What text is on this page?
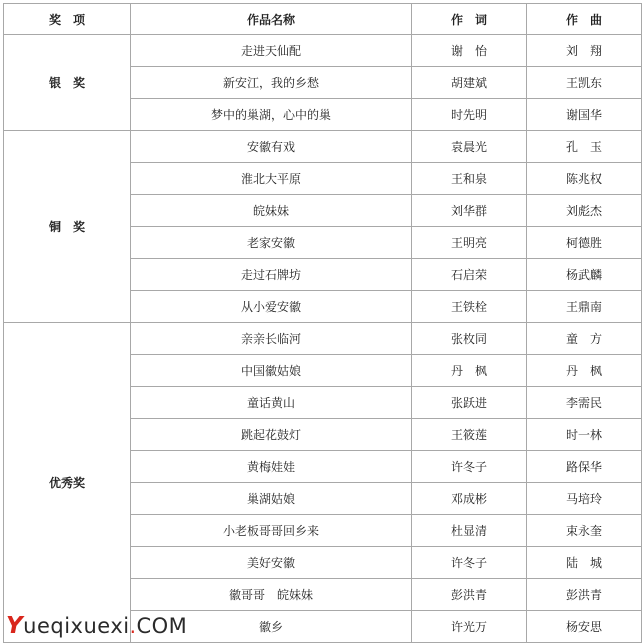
奖　项	作品名称	作　词	作　曲
银　奖	走进天仙配	谢　怡	刘　翔
	新安江，我的乡愁	胡建斌	王凯东
	梦中的巢湖，心中的巢	时先明	谢国华
铜　奖	安徽有戏	袁晨光	孔　玉
	淮北大平原	王和泉	陈兆权
	皖妹妹	刘华群	刘彪杰
	老家安徽	王明亮	柯德胜
	走过石牌坊	石启荣	杨武麟
	从小爱安徽	王铁栓	王鼎南
优秀奖	亲亲长临河	张枚同	童　方
	中国徽姑娘	丹　枫	丹　枫
	童话黄山	张跃进	李需民
	跳起花鼓灯	王筱莲	时一林
	黄梅娃娃	许冬子	路保华
	巢湖姑娘	邓成彬	马培玲
	小老板哥哥回乡来	杜显清	束永奎
	美好安徽	许冬子	陆　城
	徽哥哥　皖妹妹	彭洪青	彭洪青
	徽乡	许光万	杨安思
Yueqixuexi.COM
